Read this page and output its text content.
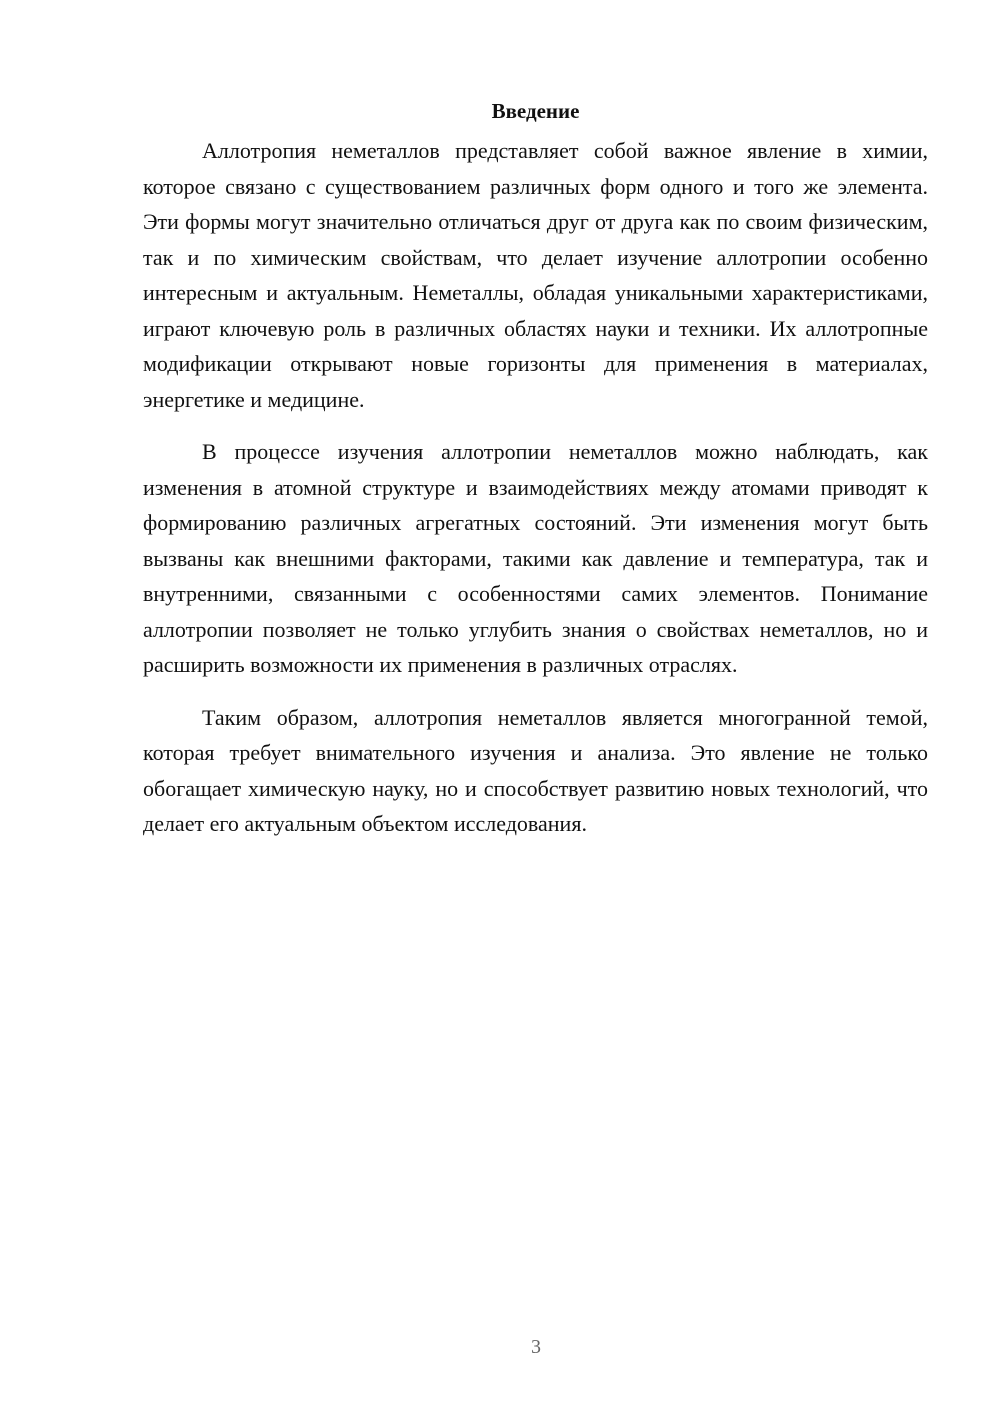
Введение

Аллотропия неметаллов представляет собой важное явление в химии, которое связано с существованием различных форм одного и того же элемента. Эти формы могут значительно отличаться друг от друга как по своим физическим, так и по химическим свойствам, что делает изучение аллотропии особенно интересным и актуальным. Неметаллы, обладая уникальными характеристиками, играют ключевую роль в различных областях науки и техники. Их аллотропные модификации открывают новые горизонты для применения в материалах, энергетике и медицине.

В процессе изучения аллотропии неметаллов можно наблюдать, как изменения в атомной структуре и взаимодействиях между атомами приводят к формированию различных агрегатных состояний. Эти изменения могут быть вызваны как внешними факторами, такими как давление и температура, так и внутренними, связанными с особенностями самих элементов. Понимание аллотропии позволяет не только углубить знания о свойствах неметаллов, но и расширить возможности их применения в различных отраслях.

Таким образом, аллотропия неметаллов является многогранной темой, которая требует внимательного изучения и анализа. Это явление не только обогащает химическую науку, но и способствует развитию новых технологий, что делает его актуальным объектом исследования.

3
